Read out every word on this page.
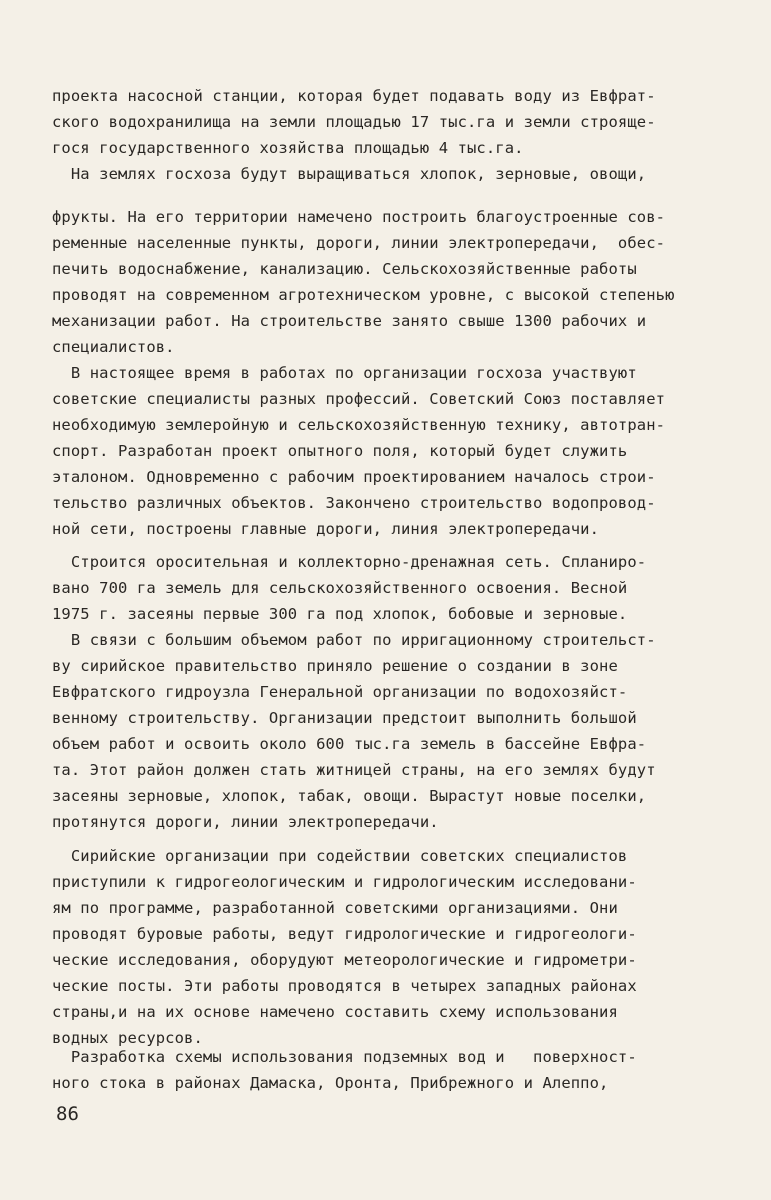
проекта насосной станции, которая будет подавать воду из Евфрат-
ского водохранилища на земли площадью 17 тыс.га и земли строяще-
гося государственного хозяйства площадью 4 тыс.га.
На землях госхоза будут выращиваться хлопок, зерновые, овощи,
фрукты. На его территории намечено построить благоустроенные сов-
ременные населенные пункты, дороги, линии электропередачи,  обес-
печить водоснабжение, канализацию. Сельскохозяйственные работы
проводят на современном агротехническом уровне, с высокой степенью
механизации работ. На строительстве занято свыше 1300 рабочих и
специалистов.
В настоящее время в работах по организации госхоза участвуют
советские специалисты разных профессий. Советский Союз поставляет
необходимую землеройную и сельскохозяйственную технику, автотран-
спорт. Разработан проект опытного поля, который будет служить
эталоном. Одновременно с рабочим проектированием началось строи-
тельство различных объектов. Закончено строительство водопровод-
ной сети, построены главные дороги, линия электропередачи.
Строится оросительная и коллекторно-дренажная сеть. Спланиро-
вано 700 га земель для сельскохозяйственного освоения. Весной
1975 г. засеяны первые 300 га под хлопок, бобовые и зерновые.
В связи с большим объемом работ по ирригационному строительст-
ву сирийское правительство приняло решение о создании в зоне
Евфратского гидроузла Генеральной организации по водохозяйст-
венному строительству. Организации предстоит выполнить большой
объем работ и освоить около 600 тыс.га земель в бассейне Евфра-
та. Этот район должен стать житницей страны, на его землях будут
засеяны зерновые, хлопок, табак, овощи. Вырастут новые поселки,
протянутся дороги, линии электропередачи.
Сирийские организации при содействии советских специалистов
приступили к гидрогеологическим и гидрологическим исследовани-
ям по программе, разработанной советскими организациями. Они
проводят буровые работы, ведут гидрологические и гидрогеологи-
ческие исследования, оборудуют метеорологические и гидрометри-
ческие посты. Эти работы проводятся в четырех западных районах
страны,и на их основе намечено составить схему использования
водных ресурсов.
Разработка схемы использования подземных вод и   поверхност-
ного стока в районах Дамаска, Оронта, Прибрежного и Алеппо,
86
